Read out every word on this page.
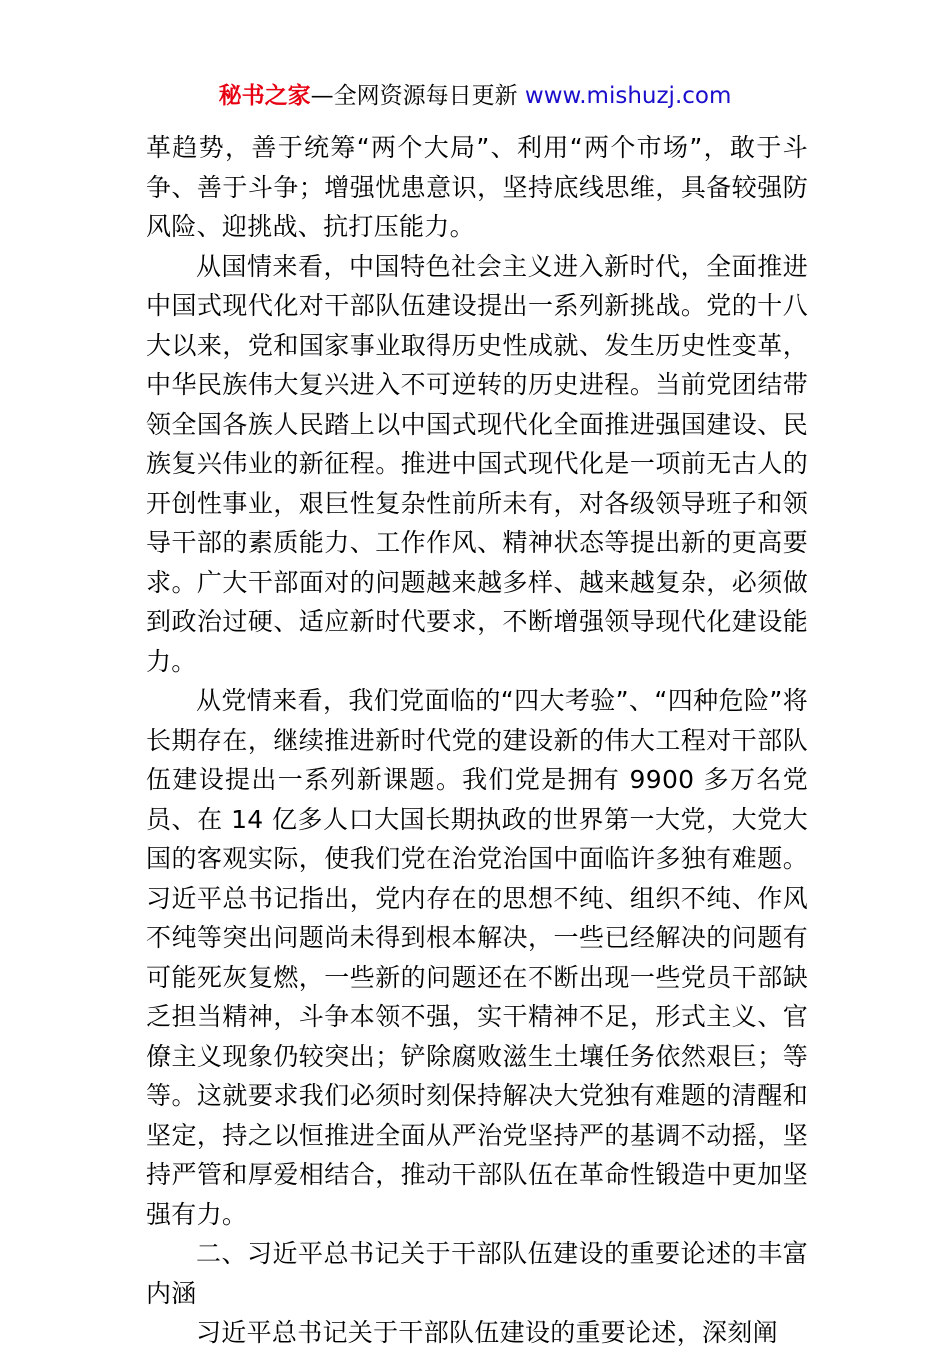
秘书之家—全网资源每日更新 www.mishuzj.com

革趋势，善于统筹“两个大局”、利用“两个市场”，敢于斗争、善于斗争；增强忧患意识，坚持底线思维，具备较强防风险、迎挑战、抗打压能力。

从国情来看，中国特色社会主义进入新时代，全面推进中国式现代化对干部队伍建设提出一系列新挑战。党的十八大以来，党和国家事业取得历史性成就、发生历史性变革，中华民族伟大复兴进入不可逆转的历史进程。当前党团结带领全国各族人民踏上以中国式现代化全面推进强国建设、民族复兴伟业的新征程。推进中国式现代化是一项前无古人的开创性事业，艰巨性复杂性前所未有，对各级领导班子和领导干部的素质能力、工作作风、精神状态等提出新的更高要求。广大干部面对的问题越来越多样、越来越复杂，必须做到政治过硬、适应新时代要求，不断增强领导现代化建设能力。

从党情来看，我们党面临的“四大考验”、“四种危险”将长期存在，继续推进新时代党的建设新的伟大工程对干部队伍建设提出一系列新课题。我们党是拥有 9900 多万名党员、在 14 亿多人口大国长期执政的世界第一大党，大党大国的客观实际，使我们党在治党治国中面临许多独有难题。习近平总书记指出，党内存在的思想不纯、组织不纯、作风不纯等突出问题尚未得到根本解决，一些已经解决的问题有可能死灰复燃，一些新的问题还在不断出现一些党员干部缺乏担当精神，斗争本领不强，实干精神不足，形式主义、官僚主义现象仍较突出；铲除腐败滋生土壤任务依然艰巨；等等。这就要求我们必须时刻保持解决大党独有难题的清醒和坚定，持之以恒推进全面从严治党坚持严的基调不动摇，坚持严管和厚爱相结合，推动干部队伍在革命性锻造中更加坚强有力。

二、习近平总书记关于干部队伍建设的重要论述的丰富内涵

习近平总书记关于干部队伍建设的重要论述，深刻阐
